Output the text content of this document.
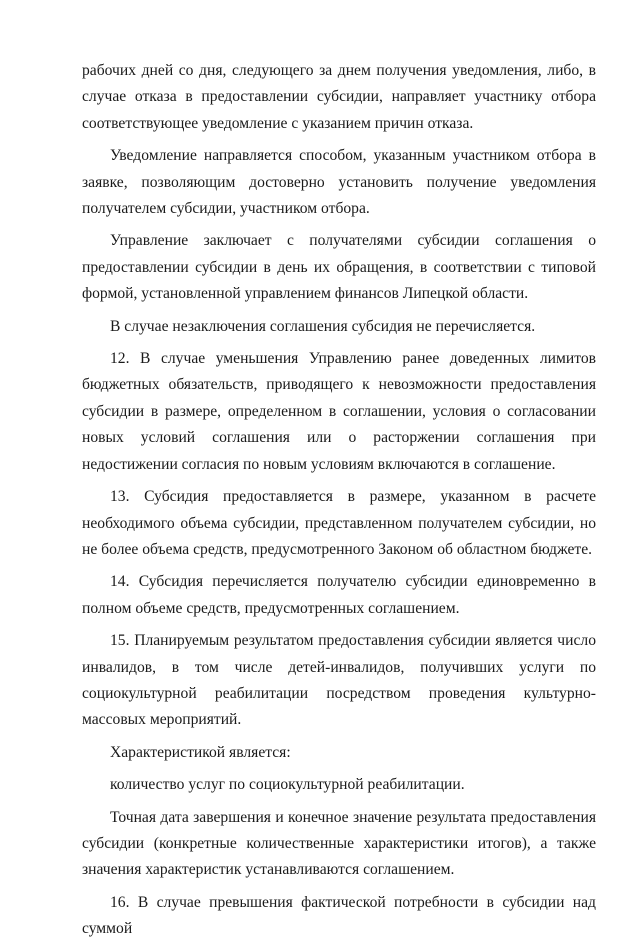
рабочих дней со дня, следующего за днем получения уведомления, либо, в случае отказа в предоставлении субсидии, направляет участнику отбора соответствующее уведомление с указанием причин отказа.

Уведомление направляется способом, указанным участником отбора в заявке, позволяющим достоверно установить получение уведомления получателем субсидии, участником отбора.

Управление заключает с получателями субсидии соглашения о предоставлении субсидии в день их обращения, в соответствии с типовой формой, установленной управлением финансов Липецкой области.

В случае незаключения соглашения субсидия не перечисляется.

12. В случае уменьшения Управлению ранее доведенных лимитов бюджетных обязательств, приводящего к невозможности предоставления субсидии в размере, определенном в соглашении, условия о согласовании новых условий соглашения или о расторжении соглашения при недостижении согласия по новым условиям включаются в соглашение.

13. Субсидия предоставляется в размере, указанном в расчете необходимого объема субсидии, представленном получателем субсидии, но не более объема средств, предусмотренного Законом об областном бюджете.

14. Субсидия перечисляется получателю субсидии единовременно в полном объеме средств, предусмотренных соглашением.

15. Планируемым результатом предоставления субсидии является число инвалидов, в том числе детей-инвалидов, получивших услуги по социокультурной реабилитации посредством проведения культурно-массовых мероприятий.

Характеристикой является:

количество услуг по социокультурной реабилитации.

Точная дата завершения и конечное значение результата предоставления субсидии (конкретные количественные характеристики итогов), а также значения характеристик устанавливаются соглашением.

16. В случае превышения фактической потребности в субсидии над суммой
